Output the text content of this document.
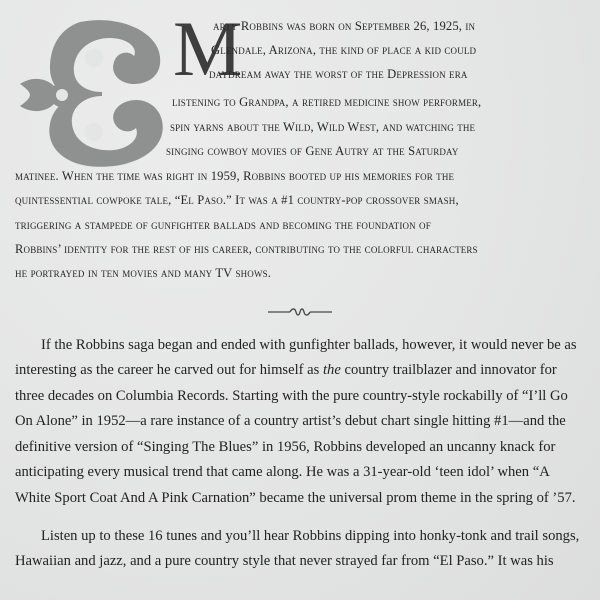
M
arty Robbins was born on September 26, 1925, in
Glendale, Arizona, the kind of place a kid could
daydream away the worst of the Depression era
listening to Grandpa, a retired medicine show performer,
spin yarns about the Wild, Wild West, and watching the
singing cowboy movies of Gene Autry at the Saturday
matinee. When the time was right in 1959, Robbins booted up his memories for the
quintessential cowpoke tale, “El Paso.” It was a #1 country-pop crossover smash,
triggering a stampede of gunfighter ballads and becoming the foundation of
Robbins’ identity for the rest of his career, contributing to the colorful characters
he portrayed in ten movies and many TV shows.
If the Robbins saga began and ended with gunfighter ballads, however, it would never be as
interesting as the career he carved out for himself as the country trailblazer and innovator for
three decades on Columbia Records. Starting with the pure country-style rockabilly of “I’ll Go
On Alone” in 1952—a rare instance of a country artist’s debut chart single hitting #1—and the
definitive version of “Singing The Blues” in 1956, Robbins developed an uncanny knack for
anticipating every musical trend that came along. He was a 31-year-old ‘teen idol’ when “A
White Sport Coat And A Pink Carnation” became the universal prom theme in the spring of ’57.
Listen up to these 16 tunes and you’ll hear Robbins dipping into honky-tonk and trail songs,
Hawaiian and jazz, and a pure country style that never strayed far from “El Paso.” It was his
